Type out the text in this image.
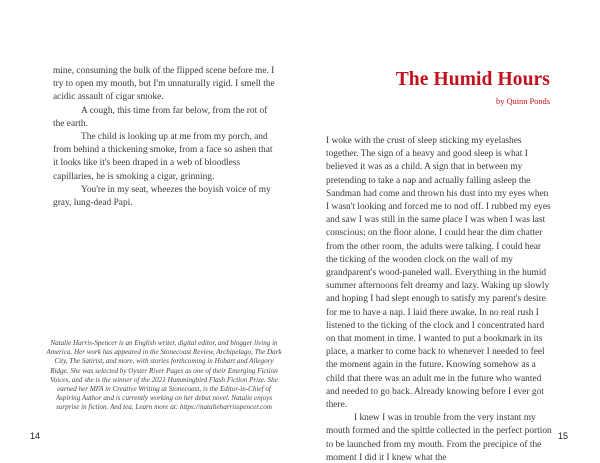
mine, consuming the bulk of the flipped scene before me. I try to open my mouth, but I'm unnaturally rigid. I smell the acidic assault of cigar smoke.

A cough, this time from far below, from the rot of the earth.

The child is looking up at me from my porch, and from behind a thickening smoke, from a face so ashen that it looks like it's been draped in a web of bloodless capillaries, he is smoking a cigar, grinning.

You're in my seat, wheezes the boyish voice of my gray, lung-dead Papi.

Natalie Harris-Spencer is an English writer, digital editor, and blogger living in America. Her work has appeared in the Stonecoast Review, Archipelago, The Dark City, The Satirist, and more, with stories forthcoming in Hobart and Allegory Ridge. She was selected by Oyster River Pages as one of their Emerging Fiction Voices, and she is the winner of the 2021 Hummingbird Flash Fiction Prize. She earned her MFA in Creative Writing at Stonecoast, is the Editor-in-Chief of Aspiring Author and is currently working on her debut novel. Natalie enjoys surprise in fiction. And tea. Learn more at: https://natalieharrisspencer.com

14

The Humid Hours

by Quinn Ponds

I woke with the crust of sleep sticking my eyelashes together. The sign of a heavy and good sleep is what I believed it was as a child. A sign that in between my pretending to take a nap and actually falling asleep the Sandman had come and thrown his dust into my eyes when I wasn't looking and forced me to nod off. I rubbed my eyes and saw I was still in the same place I was when I was last conscious; on the floor alone. I could hear the dim chatter from the other room, the adults were talking. I could hear the ticking of the wooden clock on the wall of my grandparent's wood-paneled wall. Everything in the humid summer afternoons felt dreamy and lazy. Waking up slowly and hoping I had slept enough to satisfy my parent's desire for me to have a nap. I laid there awake. In no real rush I listened to the ticking of the clock and I concentrated hard on that moment in time. I wanted to put a bookmark in its place, a marker to come back to whenever I needed to feel the moment again in the future. Knowing somehow as a child that there was an adult me in the future who wanted and needed to go back. Already knowing before I ever got there.

I knew I was in trouble from the very instant my mouth formed and the spittle collected in the perfect portion to be launched from my mouth. From the precipice of the moment I did it I knew what the

15
